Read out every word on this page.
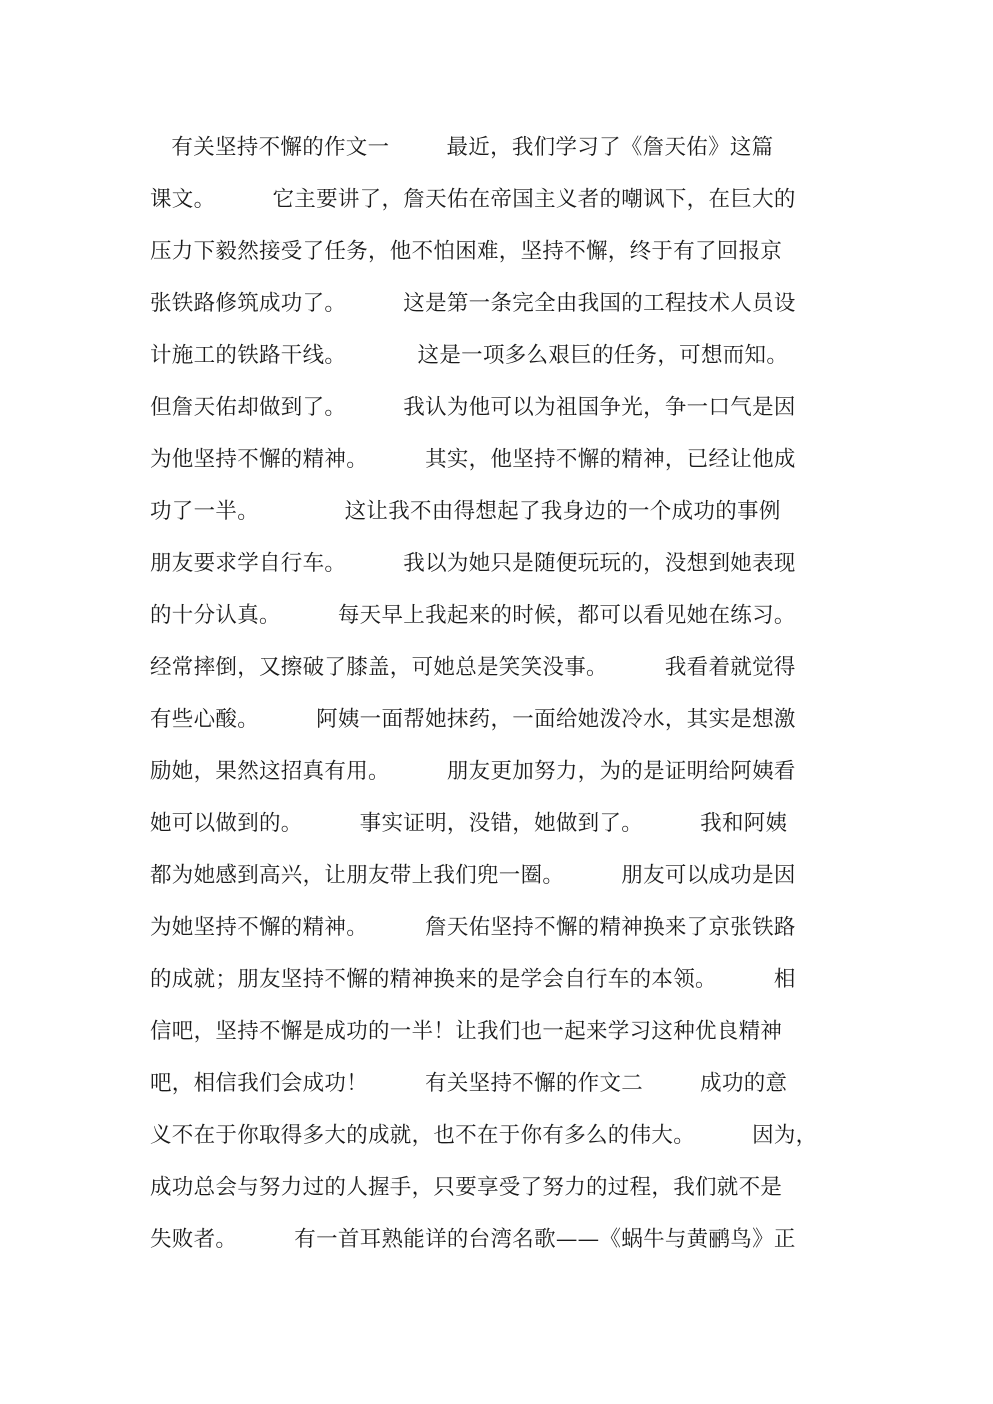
有关坚持不懈的作文一        最近，我们学习了《詹天佑》这篇
课文。        它主要讲了，詹天佑在帝国主义者的嘲讽下，在巨大的
压力下毅然接受了任务，他不怕困难，坚持不懈，终于有了回报京
张铁路修筑成功了。        这是第一条完全由我国的工程技术人员设
计施工的铁路干线。          这是一项多么艰巨的任务，可想而知。
但詹天佑却做到了。        我认为他可以为祖国争光，争一口气是因
为他坚持不懈的精神。        其实，他坚持不懈的精神，已经让他成
功了一半。            这让我不由得想起了我身边的一个成功的事例
朋友要求学自行车。        我以为她只是随便玩玩的，没想到她表现
的十分认真。        每天早上我起来的时候，都可以看见她在练习。
经常摔倒，又擦破了膝盖，可她总是笑笑没事。        我看着就觉得
有些心酸。        阿姨一面帮她抹药，一面给她泼冷水，其实是想激
励她，果然这招真有用。        朋友更加努力，为的是证明给阿姨看
她可以做到的。        事实证明，没错，她做到了。        我和阿姨
都为她感到高兴，让朋友带上我们兜一圈。        朋友可以成功是因
为她坚持不懈的精神。        詹天佑坚持不懈的精神换来了京张铁路
的成就；朋友坚持不懈的精神换来的是学会自行车的本领。        相
信吧，坚持不懈是成功的一半！让我们也一起来学习这种优良精神
吧，相信我们会成功！        有关坚持不懈的作文二        成功的意
义不在于你取得多大的成就，也不在于你有多么的伟大。        因为，
成功总会与努力过的人握手，只要享受了努力的过程，我们就不是
失败者。        有一首耳熟能详的台湾名歌——《蜗牛与黄鹂鸟》正
